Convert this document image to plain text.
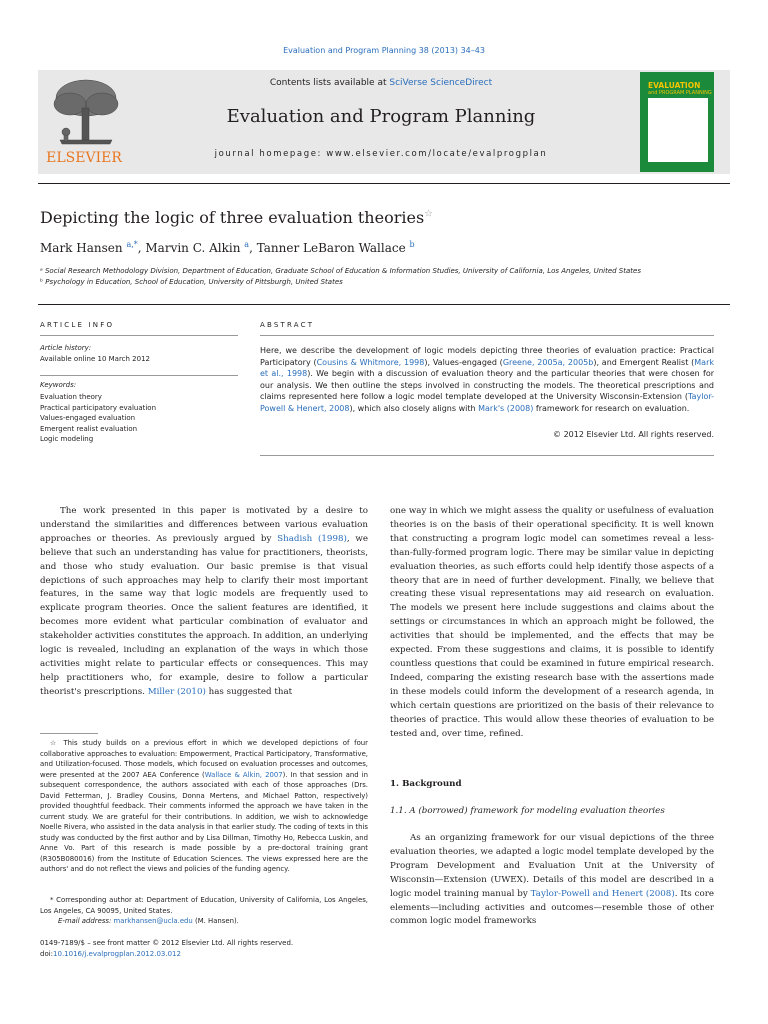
Evaluation and Program Planning 38 (2013) 34–43
ELSEVIER
Contents lists available at SciVerse ScienceDirect
Evaluation and Program Planning
journal homepage: www.elsevier.com/locate/evalprogplan
EVALUATION
and PROGRAM PLANNING
Depicting the logic of three evaluation theories☆
Mark Hansen $^{a,*}$, Marvin C. Alkin $^a$, Tanner LeBaron Wallace $^b$
ᵃ Social Research Methodology Division, Department of Education, Graduate School of Education & Information Studies, University of California, Los Angeles, United States
ᵇ Psychology in Education, School of Education, University of Pittsburgh, United States
ARTICLE INFO
Article history:
Available online 10 March 2012
Keywords:
Evaluation theory
Practical participatory evaluation
Values-engaged evaluation
Emergent realist evaluation
Logic modeling
ABSTRACT
Here, we describe the development of logic models depicting three theories of evaluation practice: Practical Participatory (Cousins & Whitmore, 1998), Values-engaged (Greene, 2005a, 2005b), and Emergent Realist (Mark et al., 1998). We begin with a discussion of evaluation theory and the particular theories that were chosen for our analysis. We then outline the steps involved in constructing the models. The theoretical prescriptions and claims represented here follow a logic model template developed at the University Wisconsin-Extension (Taylor-Powell & Henert, 2008), which also closely aligns with Mark's (2008) framework for research on evaluation.
© 2012 Elsevier Ltd. All rights reserved.
The work presented in this paper is motivated by a desire to understand the similarities and differences between various evaluation approaches or theories. As previously argued by Shadish (1998), we believe that such an understanding has value for practitioners, theorists, and those who study evaluation. Our basic premise is that visual depictions of such approaches may help to clarify their most important features, in the same way that logic models are frequently used to explicate program theories. Once the salient features are identified, it becomes more evident what particular combination of evaluator and stakeholder activities constitutes the approach. In addition, an underlying logic is revealed, including an explanation of the ways in which those activities might relate to particular effects or consequences. This may help practitioners who, for example, desire to follow a particular theorist's prescriptions. Miller (2010) has suggested that
☆ This study builds on a previous effort in which we developed depictions of four collaborative approaches to evaluation: Empowerment, Practical Participatory, Transformative, and Utilization-focused. Those models, which focused on evaluation processes and outcomes, were presented at the 2007 AEA Conference (Wallace & Alkin, 2007). In that session and in subsequent correspondence, the authors associated with each of those approaches (Drs. David Fetterman, J. Bradley Cousins, Donna Mertens, and Michael Patton, respectively) provided thoughtful feedback. Their comments informed the approach we have taken in the current study. We are grateful for their contributions. In addition, we wish to acknowledge Noelle Rivera, who assisted in the data analysis in that earlier study. The coding of texts in this study was conducted by the first author and by Lisa Dillman, Timothy Ho, Rebecca Luskin, and Anne Vo. Part of this research is made possible by a pre-doctoral training grant (R305B080016) from the Institute of Education Sciences. The views expressed here are the authors' and do not reflect the views and policies of the funding agency.
* Corresponding author at: Department of Education, University of California, Los Angeles, Los Angeles, CA 90095, United States.
E-mail address: markhansen@ucla.edu (M. Hansen).
0149-7189/$ – see front matter © 2012 Elsevier Ltd. All rights reserved.
doi:10.1016/j.evalprogplan.2012.03.012
one way in which we might assess the quality or usefulness of evaluation theories is on the basis of their operational specificity. It is well known that constructing a program logic model can sometimes reveal a less-than-fully-formed program logic. There may be similar value in depicting evaluation theories, as such efforts could help identify those aspects of a theory that are in need of further development. Finally, we believe that creating these visual representations may aid research on evaluation. The models we present here include suggestions and claims about the settings or circumstances in which an approach might be followed, the activities that should be implemented, and the effects that may be expected. From these suggestions and claims, it is possible to identify countless questions that could be examined in future empirical research. Indeed, comparing the existing research base with the assertions made in these models could inform the development of a research agenda, in which certain questions are prioritized on the basis of their relevance to theories of practice. This would allow these theories of evaluation to be tested and, over time, refined.
1. Background
1.1. A (borrowed) framework for modeling evaluation theories
As an organizing framework for our visual depictions of the three evaluation theories, we adapted a logic model template developed by the Program Development and Evaluation Unit at the University of Wisconsin—Extension (UWEX). Details of this model are described in a logic model training manual by Taylor-Powell and Henert (2008). Its core elements—including activities and outcomes—resemble those of other common logic model frameworks
